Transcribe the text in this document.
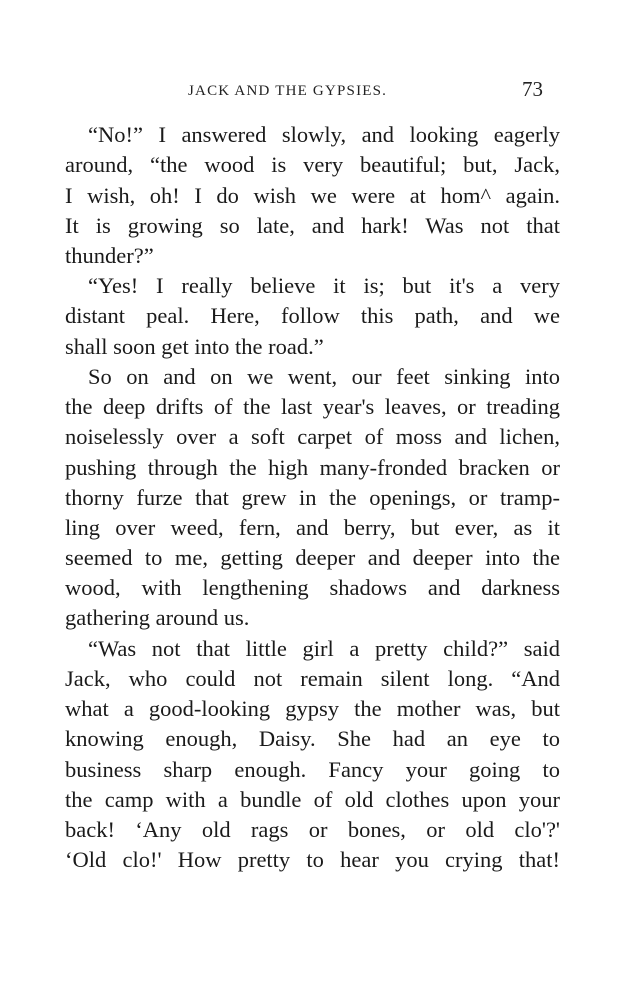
JACK AND THE GYPSIES.	73
“No!” I answered slowly, and looking eagerly
around, “the wood is very beautiful; but, Jack,
I wish, oh! I do wish we were at hom^ again.
It is growing so late, and hark! Was not that
thunder?”
“Yes! I really believe it is; but it's a very
distant peal. Here, follow this path, and we
shall soon get into the road.”
So on and on we went, our feet sinking into
the deep drifts of the last year's leaves, or treading
noiselessly over a soft carpet of moss and lichen,
pushing through the high many-fronded bracken or
thorny furze that grew in the openings, or tramp-
ling over weed, fern, and berry, but ever, as it
seemed to me, getting deeper and deeper into the
wood, with lengthening shadows and darkness
gathering around us.
“Was not that little girl a pretty child?” said
Jack, who could not remain silent long. “And
what a good-looking gypsy the mother was, but
knowing enough, Daisy. She had an eye to
business sharp enough. Fancy your going to
the camp with a bundle of old clothes upon your
back! ‘Any old rags or bones, or old clo'?'
‘Old clo!' How pretty to hear you crying that!
